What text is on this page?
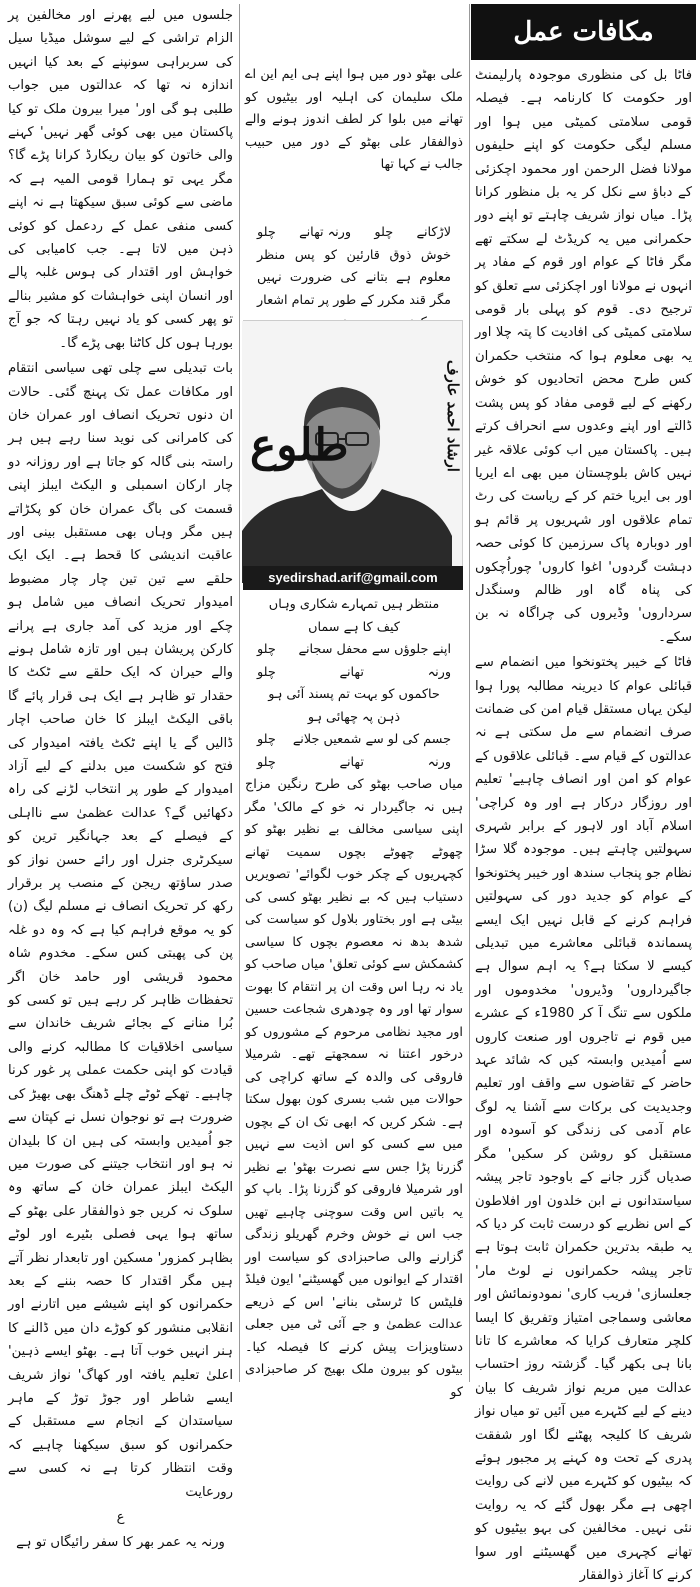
مکافات عمل

فاٹا بل کی منظوری موجودہ پارلیمنٹ اور حکومت کا کارنامہ ہے۔ فیصلہ قومی سلامتی کمیٹی میں ہوا اور مسلم لیگی حکومت کو اپنے حلیفوں مولانا فضل الرحمن اور محمود اچکزئی کے دباؤ سے نکل کر یہ بل منظور کرانا پڑا۔ میاں نواز شریف چاہتے تو اپنے دور حکمرانی میں یہ کریڈٹ لے سکتے تھے مگر فاٹا کے عوام اور قوم کے مفاد پر انہوں نے مولانا اور اچکزئی سے تعلق کو ترجیح دی۔ قوم کو پہلی بار قومی سلامتی کمیٹی کی افادیت کا پتہ چلا اور یہ بھی معلوم ہوا کہ منتخب حکمران کس طرح محض اتحادیوں کو خوش رکھنے کے لیے قومی مفاد کو پس پشت ڈالتے اور اپنے وعدوں سے انحراف کرتے ہیں۔ پاکستان میں اب کوئی علاقہ غیر نہیں کاش بلوچستان میں بھی اے ایریا اور بی ایریا ختم کر کے ریاست کی رٹ تمام علاقوں اور شہریوں پر قائم ہو اور دوبارہ پاک سرزمین کا کوئی حصہ دہشت گردوں' اغوا کاروں' چوراُچکوں کی پناہ گاہ اور ظالم وسنگدل سرداروں' وڈیروں کی چراگاہ نہ بن سکے۔

فاٹا کے خیبر پختونخوا میں انضمام سے قبائلی عوام کا دیرینہ مطالبہ پورا ہوا لیکن یہاں مستقل قیام امن کی ضمانت صرف انضمام سے مل سکتی ہے نہ عدالتوں کے قیام سے۔ قبائلی علاقوں کے عوام کو امن اور انصاف چاہیے' تعلیم اور روزگار درکار ہے اور وہ کراچی' اسلام آباد اور لاہور کے برابر شہری سہولتیں چاہتے ہیں۔ موجودہ گلا سڑا نظام جو پنجاب سندھ اور خیبر پختونخوا کے عوام کو جدید دور کی سہولتیں فراہم کرنے کے قابل نہیں ایک ایسے پسماندہ قبائلی معاشرے میں تبدیلی کیسے لا سکتا ہے؟ یہ اہم سوال ہے جاگیرداروں' وڈیروں' مخدوموں اور ملکوں سے تنگ آ کر 1980ء کے عشرے میں قوم نے تاجروں اور صنعت کاروں سے اُمیدیں وابستہ کیں کہ شائد عہد حاضر کے تقاضوں سے واقف اور تعلیم وجدیدیت کی برکات سے آشنا یہ لوگ عام آدمی کی زندگی کو آسودہ اور مستقبل کو روشن کر سکیں' مگر صدیاں گزر جانے کے باوجود تاجر پیشہ سیاستدانوں نے ابن خلدون اور افلاطون کے اس نظریے کو درست ثابت کر دیا کہ یہ طبقہ بدترین حکمران ثابت ہوتا ہے تاجر پیشہ حکمرانوں نے لوٹ مار' جعلسازی' فریب کاری' نمودونمائش اور معاشی وسماجی امتیاز وتفریق کا ایسا کلچر متعارف کرایا کہ معاشرے کا تانا بانا ہی بکھر گیا۔ گزشتہ روز احتساب عدالت میں مریم نواز شریف کا بیان دینے کے لیے کٹہرے میں آئیں تو میاں نواز شریف کا کلیجہ پھٹنے لگا اور شفقت پدری کے تحت وہ کہنے پر مجبور ہوئے کہ بیٹیوں کو کٹہرے میں لانے کی روایت اچھی ہے مگر بھول گئے کہ یہ روایت نئی نہیں۔ مخالفین کی بہو بیٹیوں کو تھانے کچہری میں گھسیٹنے اور سوا کرنے کا آغاز ذوالفقار

علی بھٹو دور میں ہوا اپنے ہی ایم این اے ملک سلیمان کی اہلیہ اور بیٹیوں کو تھانے میں بلوا کر لطف اندوز ہونے والے ذوالفقار علی بھٹو کے دور میں حبیب جالب نے کہا تھا

لاڑکانے
چلو
ورنہ تھانے
چلو
خوش ذوق قارئین کو پس منظر معلوم ہے بتانے کی ضرورت نہیں مگر قند مکرر کے طور پر تمام اشعار
ارشاد احمد عارف
طلوع
syedirshad.arif@gmail.com
منتظر ہیں تمہارے شکاری وہاں
کیف کا ہے سماں
اپنے جلوؤں سے محفل سجانے
چلو
ورنہ
تھانے
چلو
حاکموں کو بہت تم پسند آئی ہو
ذہن پہ چھائی ہو
جسم کی لو سے شمعیں جلانے
چلو
ورنہ
تھانے
چلو

میاں صاحب بھٹو کی طرح رنگین مزاج ہیں نہ جاگیردار نہ خو کے مالک' مگر اپنی سیاسی مخالف بے نظیر بھٹو کو چھوٹے چھوٹے بچوں سمیت تھانے کچہریوں کے چکر خوب لگوائے' تصویریں دستیاب ہیں کہ بے نظیر بھٹو کسی کی بیٹی ہے اور بختاور بلاول کو سیاست کی شدھ بدھ نہ معصوم بچوں کا سیاسی کشمکش سے کوئی تعلق' میاں صاحب کو یاد نہ رہا اس وقت ان پر انتقام کا بھوت سوار تھا اور وہ چودھری شجاعت حسین اور مجید نظامی مرحوم کے مشوروں کو درخور اعتنا نہ سمجھتے تھے۔ شرمیلا فاروقی کی والدہ کے ساتھ کراچی کی حوالات میں شب بسری کون بھول سکتا ہے۔ شکر کریں کہ ابھی تک ان کے بچوں میں سے کسی کو اس اذیت سے نہیں گزرنا پڑا جس سے نصرت بھٹو' بے نظیر اور شرمیلا فاروقی کو گزرنا پڑا۔ باپ کو یہ باتیں اس وقت سوچنی چاہیے تھیں جب اس نے خوش وخرم گھریلو زندگی گزارنے والی صاحبزادی کو سیاست اور اقتدار کے ایوانوں میں گھسیٹنے' ایون فیلڈ فلیٹس کا ٹرسٹی بنانے' اس کے ذریعے عدالت عظمیٰ و جے آئی ٹی میں جعلی دستاویزات پیش کرنے کا فیصلہ کیا۔ بیٹوں کو بیرون ملک بھیج کر صاحبزادی کو

جلسوں میں لیے پھرنے اور مخالفین پر الزام تراشی کے لیے سوشل میڈیا سیل کی سربراہی سونپنے کے بعد کیا انہیں اندازہ نہ تھا کہ عدالتوں میں جواب طلبی ہو گی اور' میرا بیرون ملک تو کیا پاکستان میں بھی کوئی گھر نہیں' کہنے والی خاتون کو بیان ریکارڈ کرانا پڑے گا؟ مگر یہی تو ہمارا قومی المیہ ہے کہ ماضی سے کوئی سبق سیکھتا ہے نہ اپنے کسی منفی عمل کے ردعمل کو کوئی ذہن میں لاتا ہے۔ جب کامیابی کی خواہش اور اقتدار کی ہوس غلبہ پالے اور انسان اپنی خواہشات کو مشیر بنالے تو پھر کسی کو یاد نہیں رہتا کہ جو آج بورہا ہوں کل کاٹنا بھی پڑے گا۔

بات تبدیلی سے چلی تھی سیاسی انتقام اور مکافات عمل تک پہنچ گئی۔ حالات ان دنوں تحریک انصاف اور عمران خان کی کامرانی کی نوید سنا رہے ہیں ہر راستہ بنی گالہ کو جاتا ہے اور روزانہ دو چار ارکان اسمبلی و الیکٹ ایبلز اپنی قسمت کی باگ عمران خان کو پکڑاتے ہیں مگر وہاں بھی مستقبل بینی اور عاقبت اندیشی کا قحط ہے۔ ایک ایک حلقے سے تین تین چار چار مضبوط امیدوار تحریک انصاف میں شامل ہو چکے اور مزید کی آمد جاری ہے پرانے کارکن پریشان ہیں اور تازہ شامل ہونے والے حیران کہ ایک حلقے سے ٹکٹ کا حقدار تو ظاہر ہے ایک ہی قرار پائے گا باقی الیکٹ ایبلز کا خان صاحب اچار ڈالیں گے یا اپنے ٹکٹ یافتہ امیدوار کی فتح کو شکست میں بدلنے کے لیے آزاد امیدوار کے طور پر انتخاب لڑنے کی راہ دکھائیں گے؟ عدالت عظمیٰ سے نااہلی کے فیصلے کے بعد جہانگیر ترین کو سیکرٹری جنرل اور رائے حسن نواز کو صدر ساؤتھ ریجن کے منصب پر برقرار رکھ کر تحریک انصاف نے مسلم لیگ (ن) کو یہ موقع فراہم کیا ہے کہ وہ دو غلہ پن کی پھبتی کس سکے۔ مخدوم شاہ محمود قریشی اور حامد خان اگر تحفظات ظاہر کر رہے ہیں تو کسی کو بُرا منانے کے بجائے شریف خاندان سے سیاسی اخلاقیات کا مطالبہ کرنے والی قیادت کو اپنی حکمت عملی پر غور کرنا چاہیے۔ تھکے ٹوٹے چلے ڈھنگ بھی بھیڑ کی ضرورت ہے تو نوجوان نسل نے کپتان سے جو اُمیدیں وابستہ کی ہیں ان کا بلیدان نہ ہو اور انتخاب جیتنے کی صورت میں الیکٹ ایبلز عمران خان کے ساتھ وہ سلوک نہ کریں جو ذوالفقار علی بھٹو کے ساتھ ہوا یہی فصلی بٹیرے اور لوٹے بظاہر کمزور' مسکین اور تابعدار نظر آتے ہیں مگر اقتدار کا حصہ بننے کے بعد حکمرانوں کو اپنے شیشے میں اتارنے اور انقلابی منشور کو کوڑے دان میں ڈالنے کا ہنر انہیں خوب آتا ہے۔ بھٹو ایسے ذہین' اعلیٰ تعلیم یافتہ اور کھاگ' نواز شریف ایسے شاطر اور جوڑ توڑ کے ماہر سیاستدان کے انجام سے مستقبل کے حکمرانوں کو سبق سیکھنا چاہیے کہ وقت انتظار کرتا ہے نہ کسی سے رورعایت

ع

ورنہ یہ عمر بھر کا سفر رائیگاں تو ہے
